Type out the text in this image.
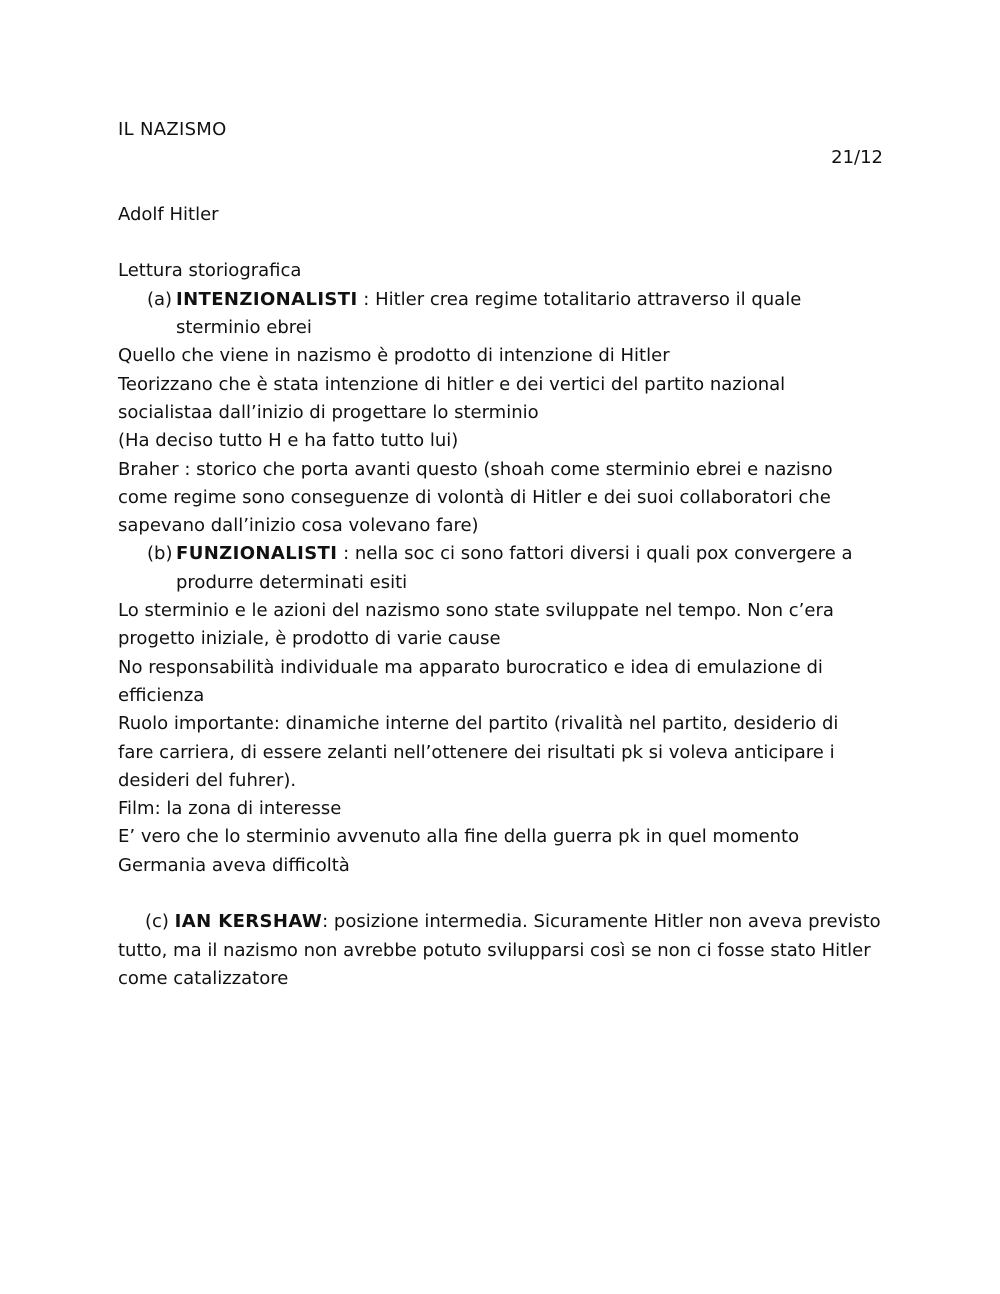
IL NAZISMO
21/12
Adolf Hitler
Lettura storiografica
(a) INTENZIONALISTI : Hitler crea regime totalitario attraverso il quale sterminio ebrei
Quello che viene in nazismo è prodotto di intenzione di Hitler
Teorizzano che è stata intenzione di hitler e dei vertici del partito nazional
socialistaa dall’inizio di progettare lo sterminio
(Ha deciso tutto H e ha fatto tutto lui)
Braher : storico che porta avanti questo (shoah come sterminio ebrei e nazisno
come regime sono conseguenze di volontà di Hitler e dei suoi collaboratori che
sapevano dall’inizio cosa volevano fare)
(b) FUNZIONALISTI : nella soc ci sono fattori diversi i quali pox convergere a produrre determinati esiti
Lo sterminio e le azioni del nazismo sono state sviluppate nel tempo. Non c’era
progetto iniziale, è prodotto di varie cause
No responsabilità individuale ma apparato burocratico e idea di emulazione di
efficienza
Ruolo importante: dinamiche interne del partito (rivalità nel partito, desiderio di
fare carriera, di essere zelanti nell’ottenere dei risultati pk si voleva anticipare i
desideri del fuhrer).
Film: la zona di interesse
E’ vero che lo sterminio avvenuto alla fine della guerra pk in quel momento
Germania aveva difficoltà
(c) IAN KERSHAW: posizione intermedia. Sicuramente Hitler non aveva previsto tutto, ma il nazismo non avrebbe potuto svilupparsi così se non ci fosse stato Hitler come catalizzatore
